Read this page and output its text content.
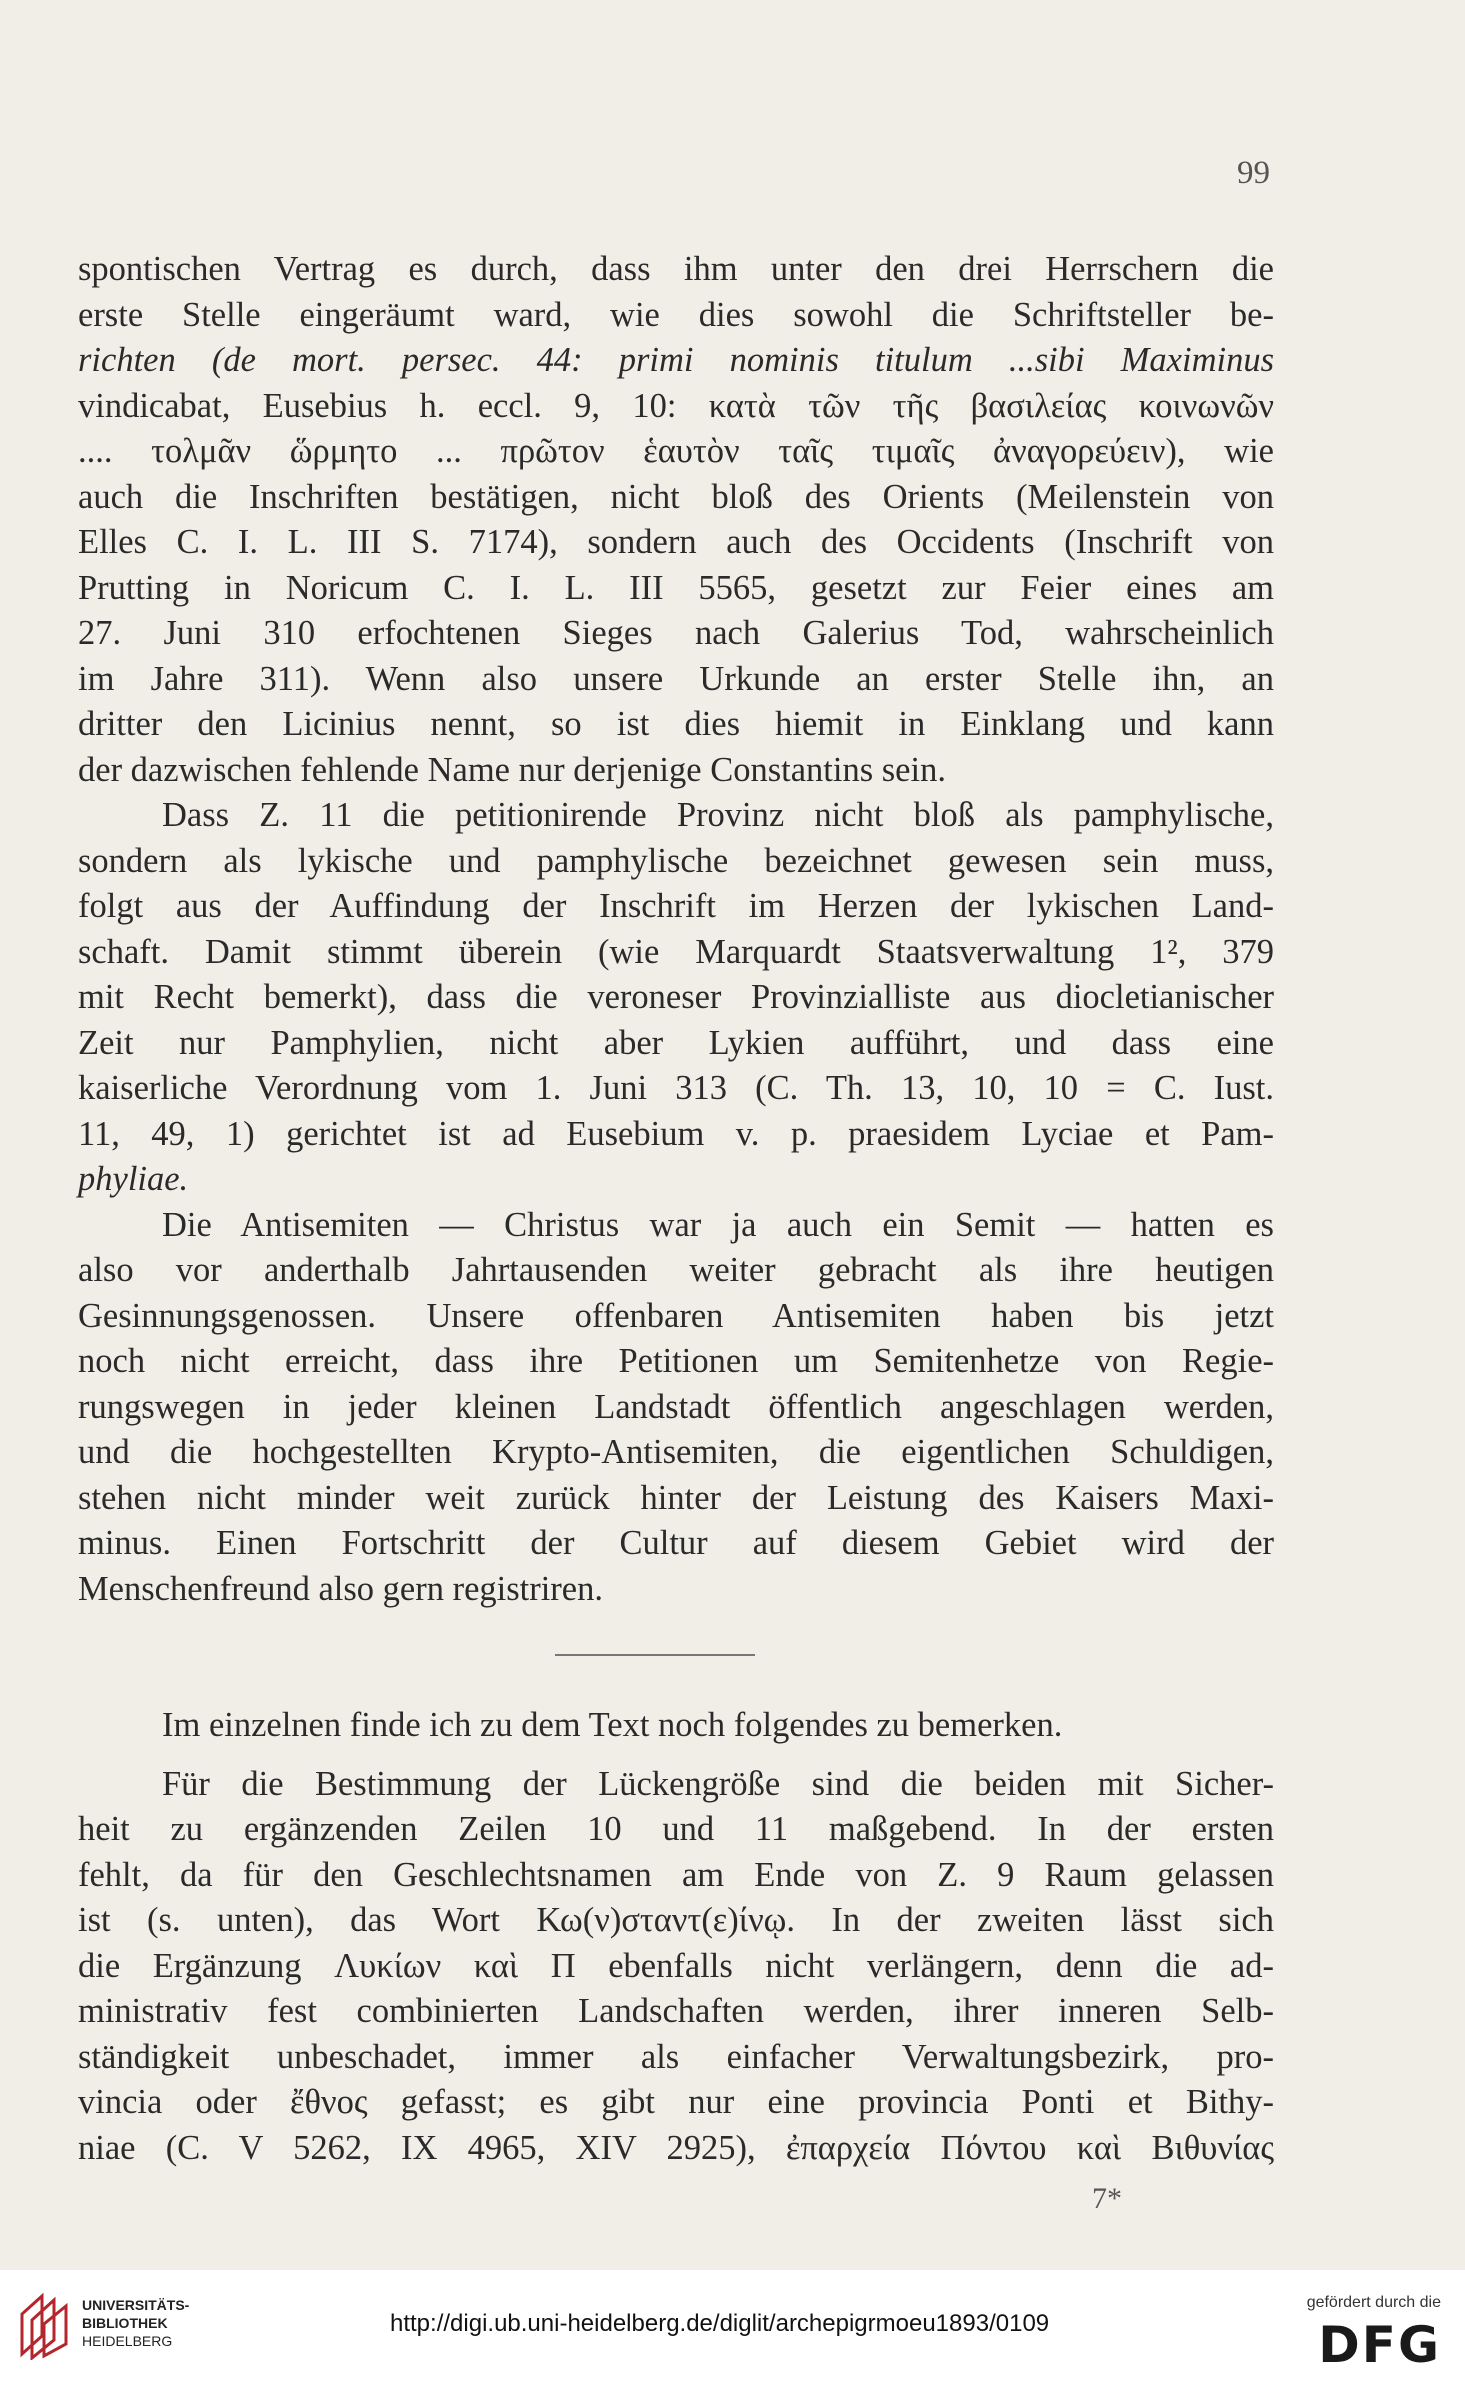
99

spontischen Vertrag es durch, dass ihm unter den drei Herrschern die
erste Stelle eingeräumt ward, wie dies sowohl die Schriftsteller be-
richten (de mort. persec. 44: primi nominis titulum ...sibi Maximinus
vindicabat, Eusebius h. eccl. 9, 10: κατὰ τῶν τῆς βασιλείας κοινωνῶν
.... τολμᾶν ὥρμητο ... πρῶτον ἑαυτὸν ταῖς τιμαῖς ἀναγορεύειν), wie
auch die Inschriften bestätigen, nicht bloß des Orients (Meilenstein von
Elles C. I. L. III S. 7174), sondern auch des Occidents (Inschrift von
Prutting in Noricum C. I. L. III 5565, gesetzt zur Feier eines am
27. Juni 310 erfochtenen Sieges nach Galerius Tod, wahrscheinlich
im Jahre 311). Wenn also unsere Urkunde an erster Stelle ihn, an
dritter den Licinius nennt, so ist dies hiemit in Einklang und kann
der dazwischen fehlende Name nur derjenige Constantins sein.

Dass Z. 11 die petitionirende Provinz nicht bloß als pamphylische,
sondern als lykische und pamphylische bezeichnet gewesen sein muss,
folgt aus der Auffindung der Inschrift im Herzen der lykischen Land-
schaft. Damit stimmt überein (wie Marquardt Staatsverwaltung 1², 379
mit Recht bemerkt), dass die veroneser Provinzialliste aus diocletianischer
Zeit nur Pamphylien, nicht aber Lykien aufführt, und dass eine
kaiserliche Verordnung vom 1. Juni 313 (C. Th. 13, 10, 10 = C. Iust.
11, 49, 1) gerichtet ist ad Eusebium v. p. praesidem Lyciae et Pam-
phyliae.

Die Antisemiten — Christus war ja auch ein Semit — hatten es
also vor anderthalb Jahrtausenden weiter gebracht als ihre heutigen
Gesinnungsgenossen. Unsere offenbaren Antisemiten haben bis jetzt
noch nicht erreicht, dass ihre Petitionen um Semitenhetze von Regie-
rungswegen in jeder kleinen Landstadt öffentlich angeschlagen werden,
und die hochgestellten Krypto-Antisemiten, die eigentlichen Schuldigen,
stehen nicht minder weit zurück hinter der Leistung des Kaisers Maxi-
minus. Einen Fortschritt der Cultur auf diesem Gebiet wird der
Menschenfreund also gern registriren.

Im einzelnen finde ich zu dem Text noch folgendes zu bemerken.

Für die Bestimmung der Lückengröße sind die beiden mit Sicher-
heit zu ergänzenden Zeilen 10 und 11 maßgebend. In der ersten
fehlt, da für den Geschlechtsnamen am Ende von Z. 9 Raum gelassen
ist (s. unten), das Wort Κω(ν)σταντ(ε)ίνῳ. In der zweiten lässt sich
die Ergänzung Λυκίων καὶ Π ebenfalls nicht verlängern, denn die ad-
ministrativ fest combinierten Landschaften werden, ihrer inneren Selb-
ständigkeit unbeschadet, immer als einfacher Verwaltungsbezirk, pro-
vincia oder ἔθνος gefasst; es gibt nur eine provincia Ponti et Bithy-
niae (C. V 5262, IX 4965, XIV 2925), ἐπαρχεία Πόντου καὶ Βιθυνίας

7*
UNIVERSITÄTS-
BIBLIOTHEK
HEIDELBERG
http://digi.ub.uni-heidelberg.de/diglit/archepigrmoeu1893/0109
gefördert durch die
DFG
